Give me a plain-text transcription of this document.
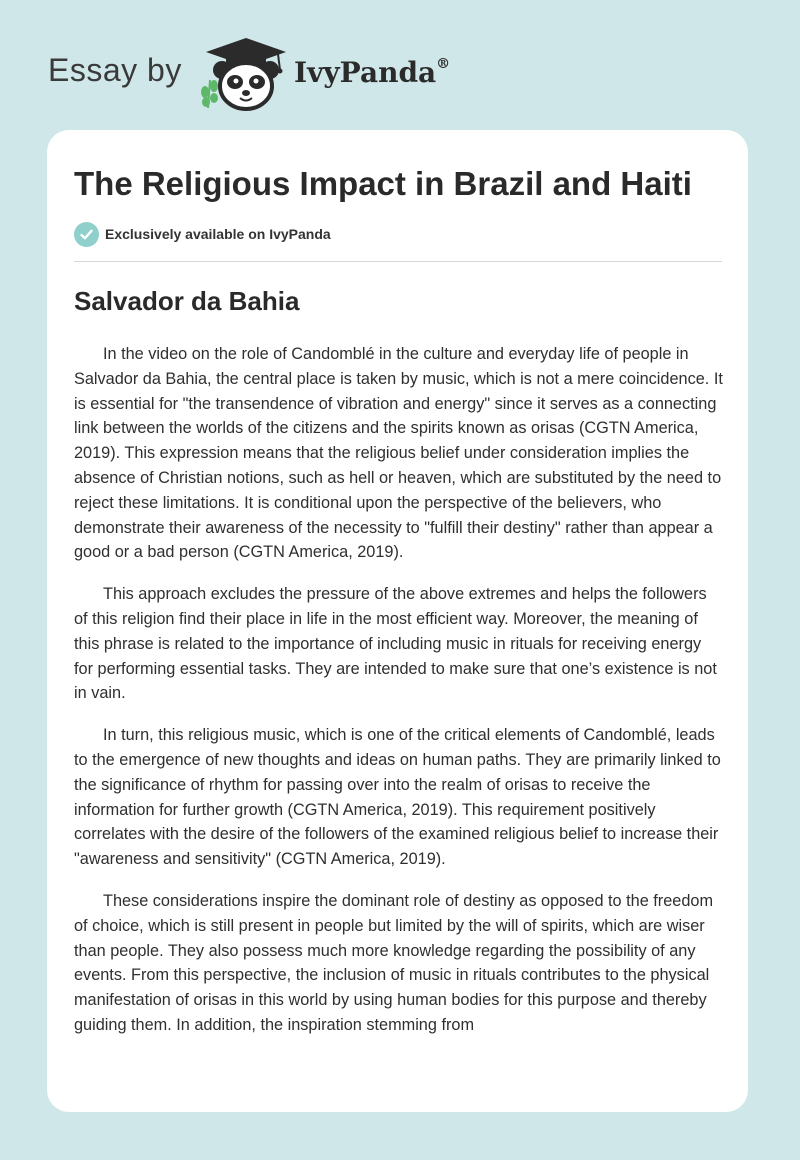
Essay by	IvyPanda®
The Religious Impact in Brazil and Haiti
Exclusively available on IvyPanda
Salvador da Bahia

In the video on the role of Candomblé in the culture and everyday life of people in Salvador da Bahia, the central place is taken by music, which is not a mere coincidence. It is essential for "the transendence of vibration and energy" since it serves as a connecting link between the worlds of the citizens and the spirits known as orisas (CGTN America, 2019). This expression means that the religious belief under consideration implies the absence of Christian notions, such as hell or heaven, which are substituted by the need to reject these limitations. It is conditional upon the perspective of the believers, who demonstrate their awareness of the necessity to "fulfill their destiny" rather than appear a good or a bad person (CGTN America, 2019).

This approach excludes the pressure of the above extremes and helps the followers of this religion find their place in life in the most efficient way. Moreover, the meaning of this phrase is related to the importance of including music in rituals for receiving energy for performing essential tasks. They are intended to make sure that one’s existence is not in vain.

In turn, this religious music, which is one of the critical elements of Candomblé, leads to the emergence of new thoughts and ideas on human paths. They are primarily linked to the significance of rhythm for passing over into the realm of orisas to receive the information for further growth (CGTN America, 2019). This requirement positively correlates with the desire of the followers of the examined religious belief to increase their "awareness and sensitivity" (CGTN America, 2019).

These considerations inspire the dominant role of destiny as opposed to the freedom of choice, which is still present in people but limited by the will of spirits, which are wiser than people. They also possess much more knowledge regarding the possibility of any events. From this perspective, the inclusion of music in rituals contributes to the physical manifestation of orisas in this world by using human bodies for this purpose and thereby guiding them. In addition, the inspiration stemming from
